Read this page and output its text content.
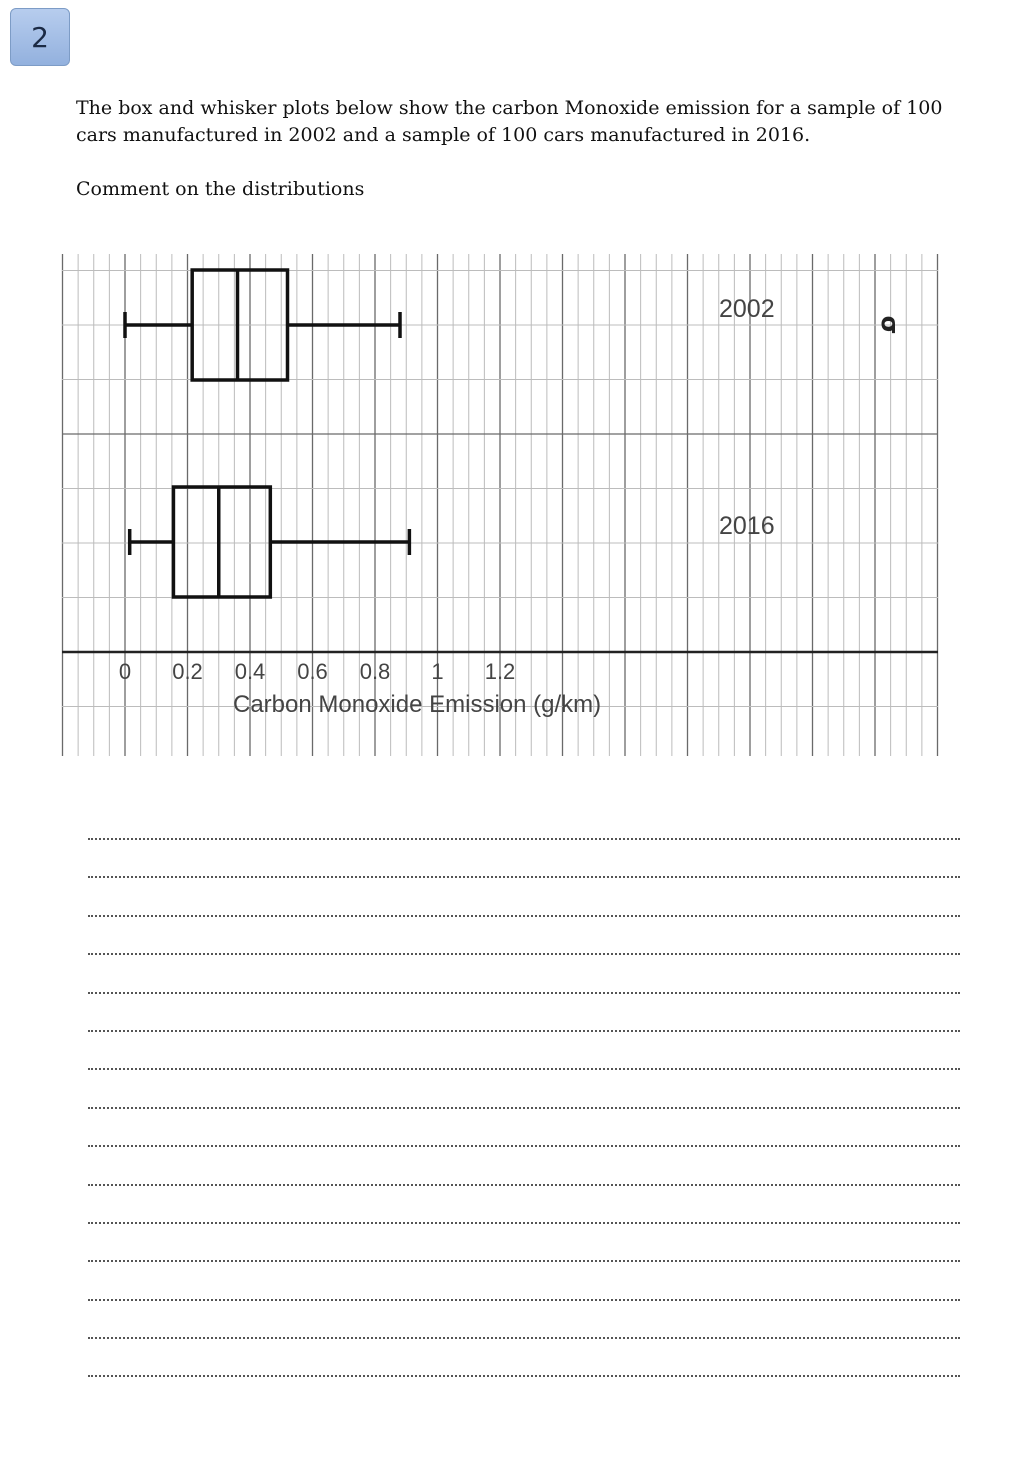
2

The box and whisker plots below show the carbon Monoxide emission for a sample of 100 cars manufactured in 2002 and a sample of 100 cars manufactured in 2016.

Comment on the distributions

2002
2016
0 0.2 0.4 0.6 0.8 1 1.2
Carbon Monoxide Emission (g/km)
σ
